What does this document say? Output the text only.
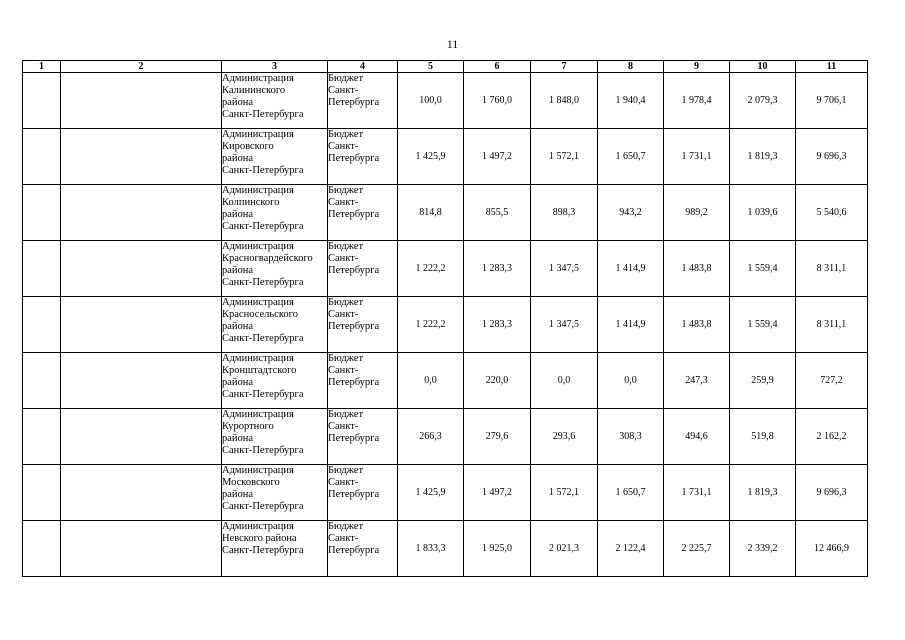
11
1	2	3	4	5	6	7	8	9	10	11

		Администрация
Калининского
района
Санкт-Петербурга	Бюджет
Санкт-
Петербурга	100,0	1 760,0	1 848,0	1 940,4	1 978,4	2 079,3	9 706,1

		Администрация
Кировского
района
Санкт-Петербурга	Бюджет
Санкт-
Петербурга	1 425,9	1 497,2	1 572,1	1 650,7	1 731,1	1 819,3	9 696,3

		Администрация
Колпинского
района
Санкт-Петербурга	Бюджет
Санкт-
Петербурга	814,8	855,5	898,3	943,2	989,2	1 039,6	5 540,6

		Администрация
Красногвардейского
района
Санкт-Петербурга	Бюджет
Санкт-
Петербурга	1 222,2	1 283,3	1 347,5	1 414,9	1 483,8	1 559,4	8 311,1

		Администрация
Красносельского
района
Санкт-Петербурга	Бюджет
Санкт-
Петербурга	1 222,2	1 283,3	1 347,5	1 414,9	1 483,8	1 559,4	8 311,1

		Администрация
Кронштадтского
района
Санкт-Петербурга	Бюджет
Санкт-
Петербурга	0,0	220,0	0,0	0,0	247,3	259,9	727,2

		Администрация
Курортного
района
Санкт-Петербурга	Бюджет
Санкт-
Петербурга	266,3	279,6	293,6	308,3	494,6	519,8	2 162,2

		Администрация
Московского
района
Санкт-Петербурга	Бюджет
Санкт-
Петербурга	1 425,9	1 497,2	1 572,1	1 650,7	1 731,1	1 819,3	9 696,3

		Администрация
Невского района
Санкт-Петербурга	Бюджет
Санкт-
Петербурга	1 833,3	1 925,0	2 021,3	2 122,4	2 225,7	2 339,2	12 466,9
